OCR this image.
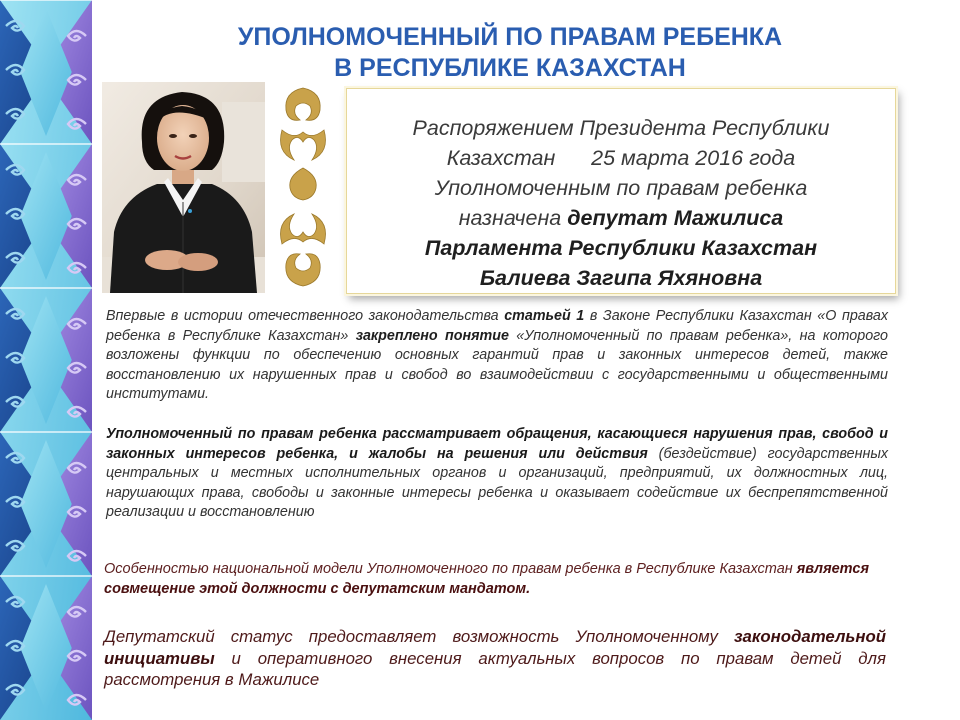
УПОЛНОМОЧЕННЫЙ ПО ПРАВАМ РЕБЕНКА
В РЕСПУБЛИКЕ КАЗАХСТАН
Распоряжением Президента Республики
Казахстан      25 марта 2016 года
Уполномоченным по правам ребенка
назначена депутат Мажилиса
Парламента Республики Казахстан
Балиева Загипа Яхяновна
Впервые в истории отечественного законодательства статьей 1 в Законе Республики Казахстан «О правах ребенка в Республике Казахстан» закреплено понятие «Уполномоченный по правам ребенка», на которого возложены функции по обеспечению основных гарантий прав и законных интересов детей, также восстановлению их нарушенных прав и свобод во взаимодействии с государственными и общественными институтами.
Уполномоченный по правам ребенка рассматривает обращения, касающиеся нарушения прав, свобод и законных интересов ребенка, и жалобы на решения или действия (бездействие) государственных центральных и местных исполнительных органов и организаций, предприятий, их должностных лиц, нарушающих права, свободы и законные интересы ребенка и оказывает содействие их беспрепятственной реализации и восстановлению
Особенностью национальной модели Уполномоченного по правам ребенка в Республике Казахстан является совмещение этой должности с депутатским мандатом.
Депутатский статус предоставляет возможность Уполномоченному законодательной инициативы и оперативного внесения актуальных вопросов по правам детей для рассмотрения в Мажилисе
